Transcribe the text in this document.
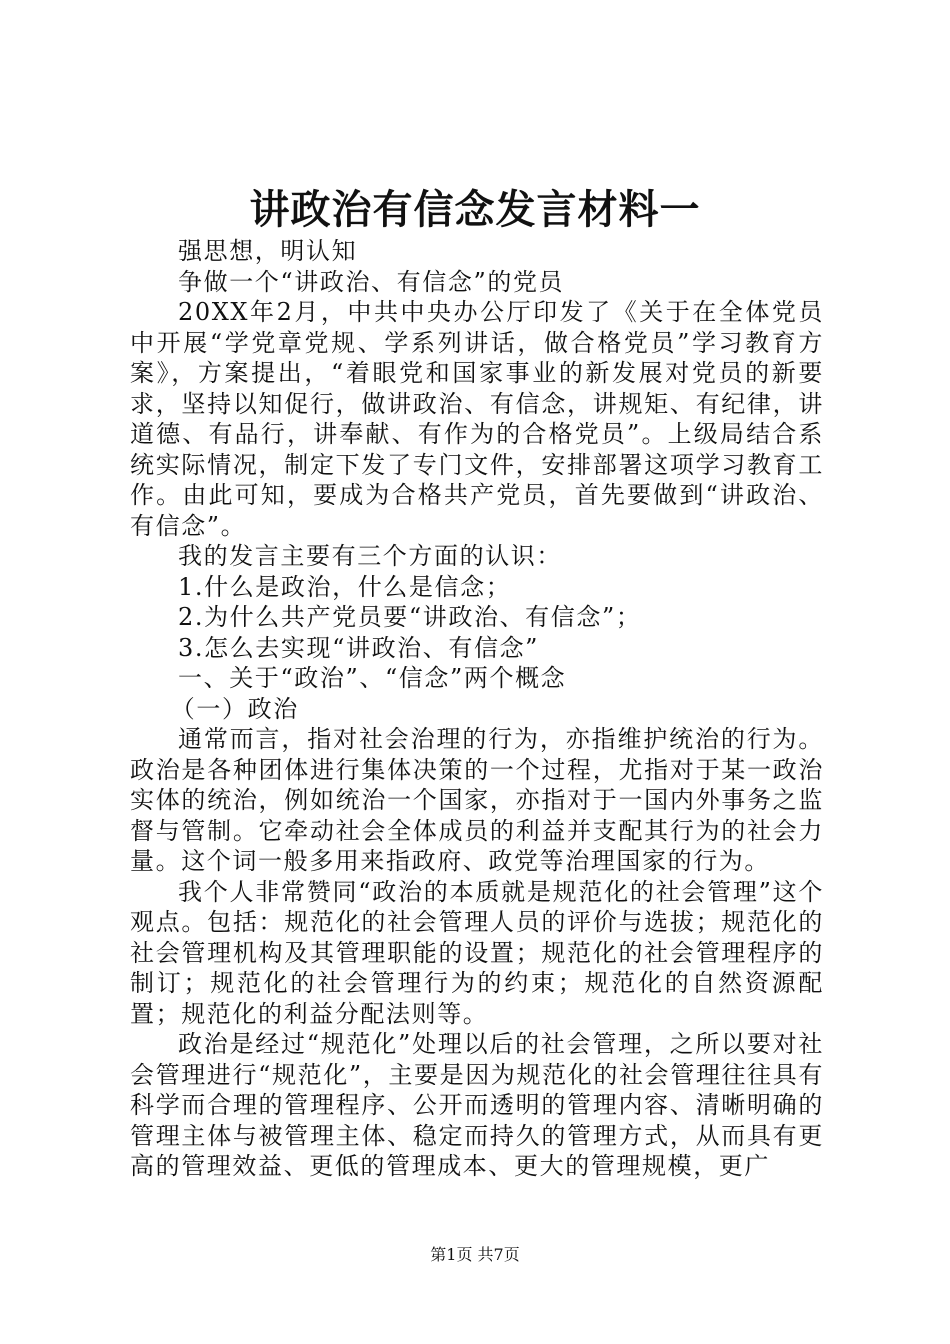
讲政治有信念发言材料一

强思想，明认知

争做一个“讲政治、有信念”的党员

20XX年2月，中共中央办公厅印发了《关于在全体党员中开展“学党章党规、学系列讲话，做合格党员”学习教育方案》，方案提出，“着眼党和国家事业的新发展对党员的新要求，坚持以知促行，做讲政治、有信念，讲规矩、有纪律，讲道德、有品行，讲奉献、有作为的合格党员”。上级局结合系统实际情况，制定下发了专门文件，安排部署这项学习教育工作。由此可知，要成为合格共产党员，首先要做到“讲政治、有信念”。

我的发言主要有三个方面的认识：

1.什么是政治，什么是信念；

2.为什么共产党员要“讲政治、有信念”；

3.怎么去实现“讲政治、有信念”

一、关于“政治”、“信念”两个概念

（一）政治

通常而言，指对社会治理的行为，亦指维护统治的行为。政治是各种团体进行集体决策的一个过程，尤指对于某一政治实体的统治，例如统治一个国家，亦指对于一国内外事务之监督与管制。它牵动社会全体成员的利益并支配其行为的社会力量。这个词一般多用来指政府、政党等治理国家的行为。

我个人非常赞同“政治的本质就是规范化的社会管理”这个观点。包括：规范化的社会管理人员的评价与选拔；规范化的社会管理机构及其管理职能的设置；规范化的社会管理程序的制订；规范化的社会管理行为的约束；规范化的自然资源配置；规范化的利益分配法则等。

政治是经过“规范化”处理以后的社会管理，之所以要对社会管理进行“规范化”，主要是因为规范化的社会管理往往具有科学而合理的管理程序、公开而透明的管理内容、清晰明确的管理主体与被管理主体、稳定而持久的管理方式，从而具有更高的管理效益、更低的管理成本、更大的管理规模，更广

第1页 共7页
